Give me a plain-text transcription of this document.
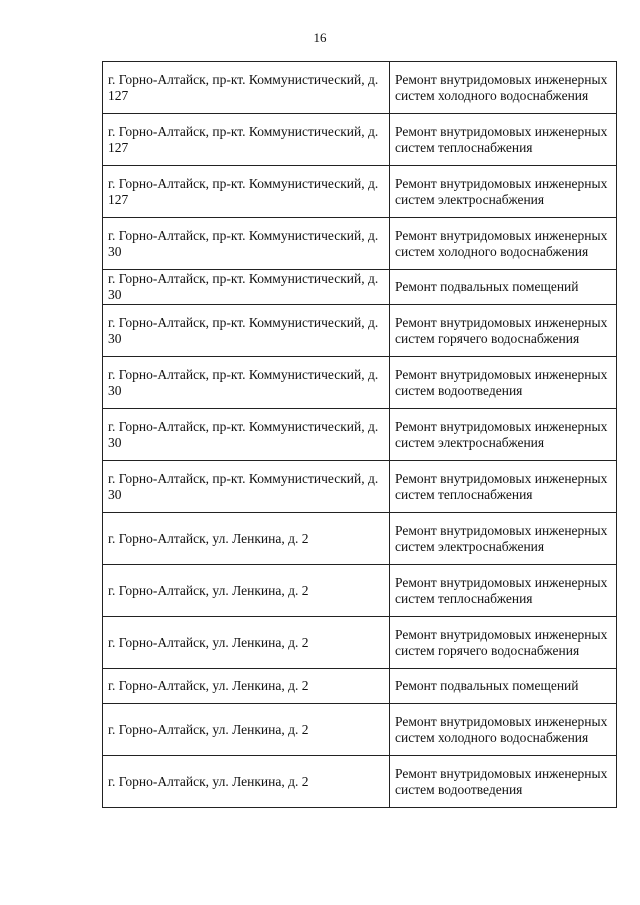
16
г. Горно-Алтайск, пр-кт. Коммунистический, д. 127	Ремонт внутридомовых инженерных систем холодного водоснабжения
г. Горно-Алтайск, пр-кт. Коммунистический, д. 127	Ремонт внутридомовых инженерных систем теплоснабжения
г. Горно-Алтайск, пр-кт. Коммунистический, д. 127	Ремонт внутридомовых инженерных систем электроснабжения
г. Горно-Алтайск, пр-кт. Коммунистический, д. 30	Ремонт внутридомовых инженерных систем холодного водоснабжения
г. Горно-Алтайск, пр-кт. Коммунистический, д. 30	Ремонт подвальных помещений
г. Горно-Алтайск, пр-кт. Коммунистический, д. 30	Ремонт внутридомовых инженерных систем горячего водоснабжения
г. Горно-Алтайск, пр-кт. Коммунистический, д. 30	Ремонт внутридомовых инженерных систем водоотведения
г. Горно-Алтайск, пр-кт. Коммунистический, д. 30	Ремонт внутридомовых инженерных систем электроснабжения
г. Горно-Алтайск, пр-кт. Коммунистический, д. 30	Ремонт внутридомовых инженерных систем теплоснабжения
г. Горно-Алтайск, ул. Ленкина, д. 2	Ремонт внутридомовых инженерных систем электроснабжения
г. Горно-Алтайск, ул. Ленкина, д. 2	Ремонт внутридомовых инженерных систем теплоснабжения
г. Горно-Алтайск, ул. Ленкина, д. 2	Ремонт внутридомовых инженерных систем горячего водоснабжения
г. Горно-Алтайск, ул. Ленкина, д. 2	Ремонт подвальных помещений
г. Горно-Алтайск, ул. Ленкина, д. 2	Ремонт внутридомовых инженерных систем холодного водоснабжения
г. Горно-Алтайск, ул. Ленкина, д. 2	Ремонт внутридомовых инженерных систем водоотведения
